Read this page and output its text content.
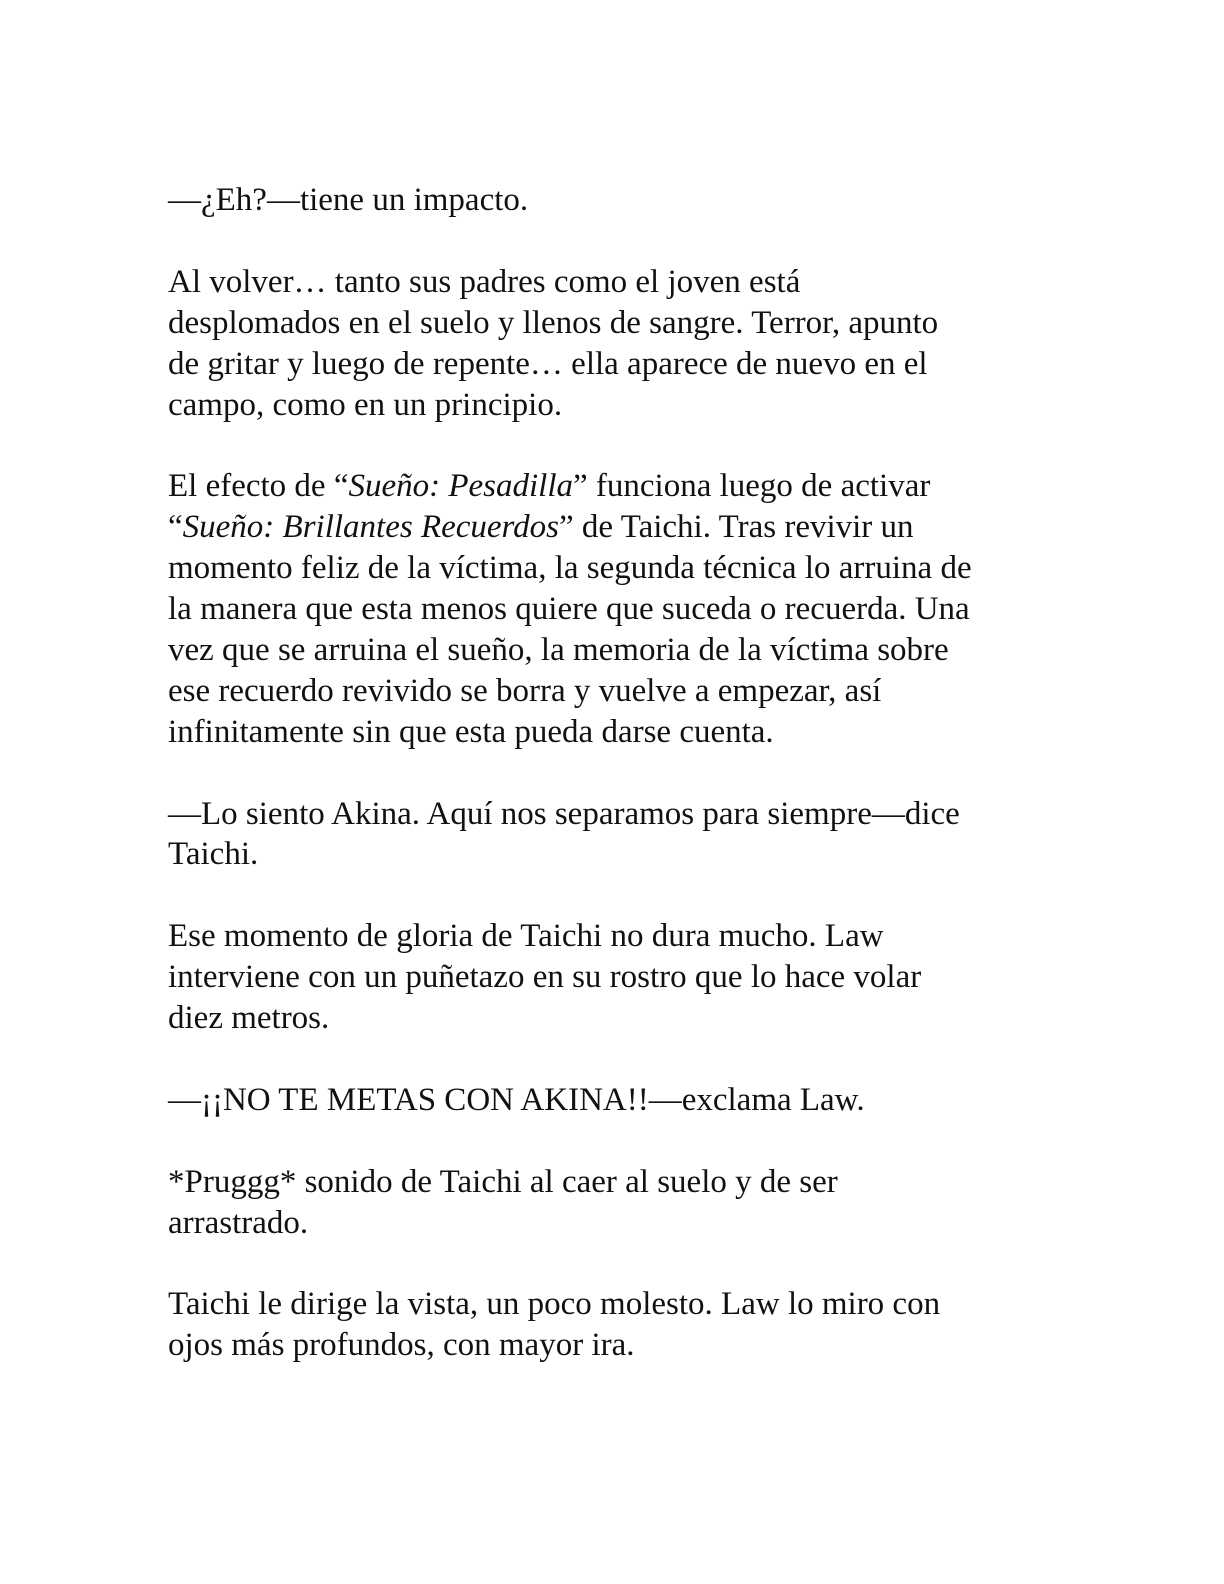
—¿Eh?—tiene un impacto.

Al volver… tanto sus padres como el joven está
desplomados en el suelo y llenos de sangre. Terror, apunto
de gritar y luego de repente… ella aparece de nuevo en el
campo, como en un principio.

El efecto de “Sueño: Pesadilla” funciona luego de activar
“Sueño: Brillantes Recuerdos” de Taichi. Tras revivir un
momento feliz de la víctima, la segunda técnica lo arruina de
la manera que esta menos quiere que suceda o recuerda. Una
vez que se arruina el sueño, la memoria de la víctima sobre
ese recuerdo revivido se borra y vuelve a empezar, así
infinitamente sin que esta pueda darse cuenta.

—Lo siento Akina. Aquí nos separamos para siempre—dice
Taichi.

Ese momento de gloria de Taichi no dura mucho. Law
interviene con un puñetazo en su rostro que lo hace volar
diez metros.

—¡¡NO TE METAS CON AKINA!!—exclama Law.

*Pruggg* sonido de Taichi al caer al suelo y de ser
arrastrado.

Taichi le dirige la vista, un poco molesto. Law lo miro con
ojos más profundos, con mayor ira.
